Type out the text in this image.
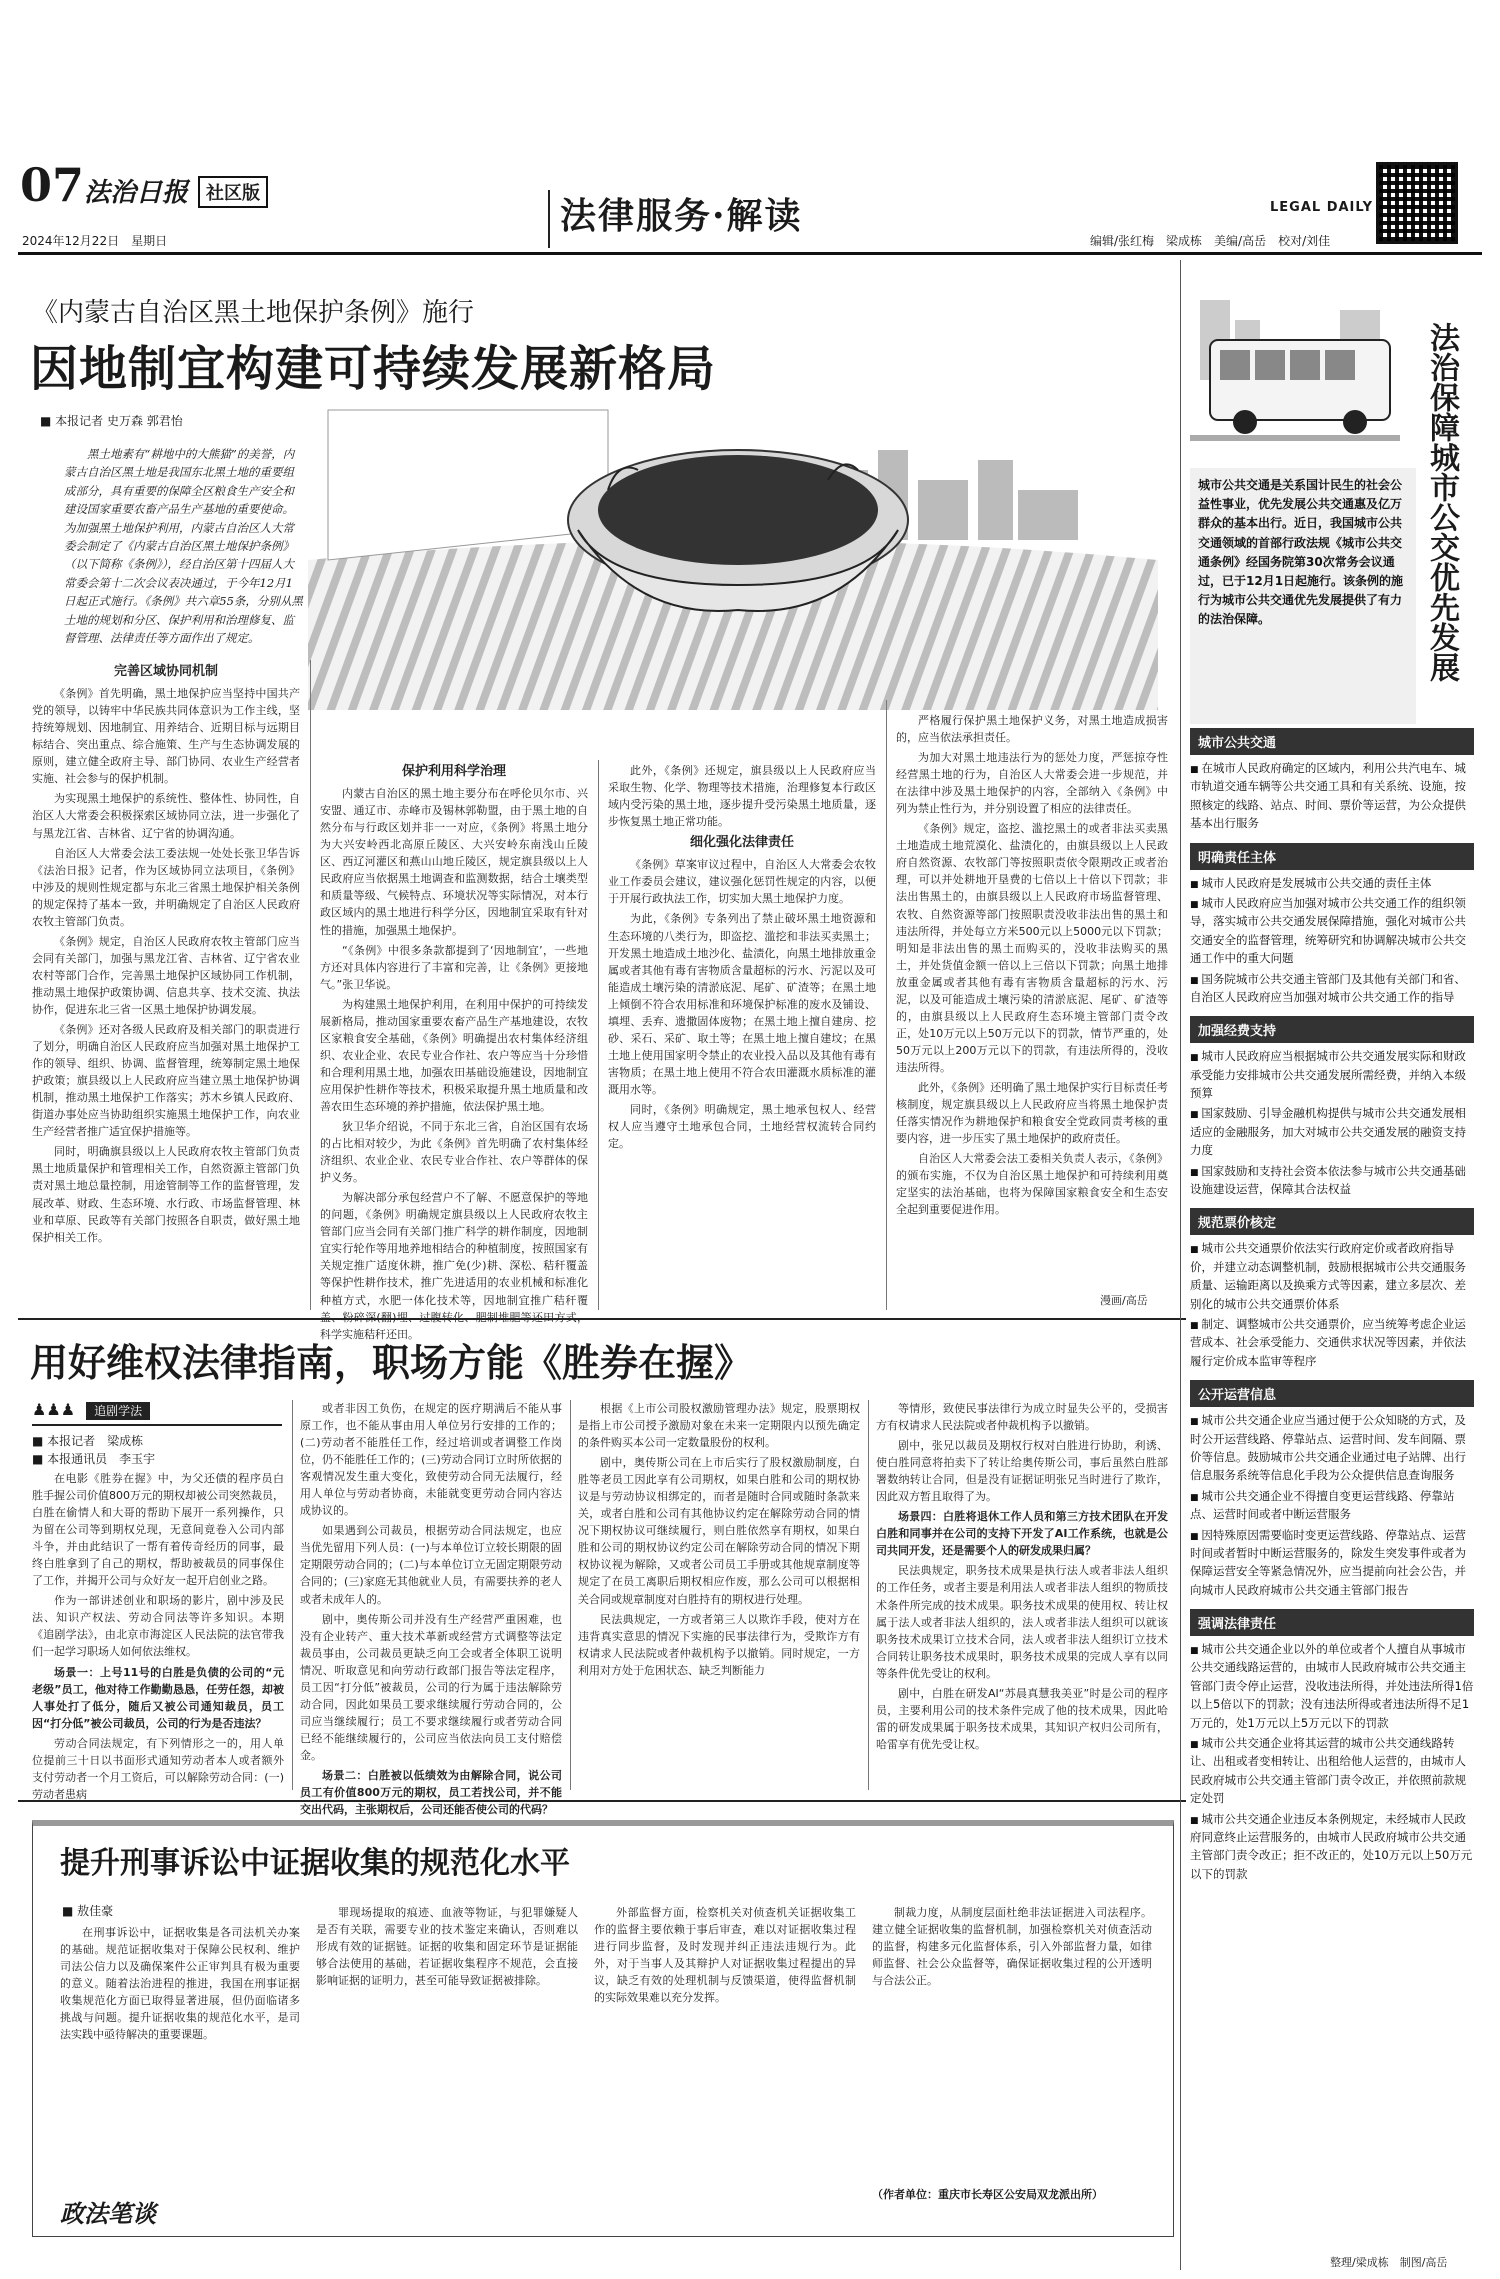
07 法治日报 社区版
2024年12月22日　星期日
法律服务·解读	LEGAL DAILY
编辑/张红梅　梁成栋　美编/高岳　校对/刘佳
《内蒙古自治区黑土地保护条例》施行
因地制宜构建可持续发展新格局
■ 本报记者 史万森 郭君怡
黑土地素有“耕地中的大熊猫”的美誉，内蒙古自治区黑土地是我国东北黑土地的重要组成部分，具有重要的保障全区粮食生产安全和建设国家重要农畜产品生产基地的重要使命。为加强黑土地保护利用，内蒙古自治区人大常委会制定了《内蒙古自治区黑土地保护条例》（以下简称《条例》），经自治区第十四届人大常委会第十二次会议表决通过，于今年12月1日起正式施行。《条例》共六章55条，分别从黑土地的规划和分区、保护利用和治理修复、监督管理、法律责任等方面作出了规定。

完善区域协同机制

《条例》首先明确，黑土地保护应当坚持中国共产党的领导，以铸牢中华民族共同体意识为工作主线，坚持统筹规划、因地制宜、用养结合、近期目标与远期目标结合、突出重点、综合施策、生产与生态协调发展的原则，建立健全政府主导、部门协同、农业生产经营者实施、社会参与的保护机制。

为实现黑土地保护的系统性、整体性、协同性，自治区人大常委会积极探索区域协同立法，进一步强化了与黑龙江省、吉林省、辽宁省的协调沟通。

自治区人大常委会法工委法规一处处长张卫华告诉《法治日报》记者，作为区域协同立法项目，《条例》中涉及的规则性规定都与东北三省黑土地保护相关条例的规定保持了基本一致，并明确规定了自治区人民政府农牧主管部门负责。

《条例》规定，自治区人民政府农牧主管部门应当会同有关部门，加强与黑龙江省、吉林省、辽宁省农业农村等部门合作，完善黑土地保护区域协同工作机制，推动黑土地保护政策协调、信息共享、技术交流、执法协作，促进东北三省一区黑土地保护协调发展。

《条例》还对各级人民政府及相关部门的职责进行了划分，明确自治区人民政府应当加强对黑土地保护工作的领导、组织、协调、监督管理，统筹制定黑土地保护政策；旗县级以上人民政府应当建立黑土地保护协调机制，推动黑土地保护工作落实；苏木乡镇人民政府、街道办事处应当协助组织实施黑土地保护工作，向农业生产经营者推广适宜保护措施等。

同时，明确旗县级以上人民政府农牧主管部门负责黑土地质量保护和管理相关工作，自然资源主管部门负责对黑土地总量控制，用途管制等工作的监督管理，发展改革、财政、生态环境、水行政、市场监督管理、林业和草原、民政等有关部门按照各自职责，做好黑土地保护相关工作。

保护利用科学治理

内蒙古自治区的黑土地主要分布在呼伦贝尔市、兴安盟、通辽市、赤峰市及锡林郭勒盟，由于黑土地的自然分布与行政区划并非一一对应，《条例》将黑土地分为大兴安岭西北高原丘陵区、大兴安岭东南浅山丘陵区、西辽河灌区和燕山山地丘陵区，规定旗县级以上人民政府应当依据黑土地调查和监测数据，结合土壤类型和质量等级、气候特点、环境状况等实际情况，对本行政区域内的黑土地进行科学分区，因地制宜采取有针对性的措施，加强黑土地保护。

“《条例》中很多条款都提到了‘因地制宜’，一些地方还对具体内容进行了丰富和完善，让《条例》更接地气。”张卫华说。

为构建黑土地保护利用，在利用中保护的可持续发展新格局，推动国家重要农畜产品生产基地建设，农牧区家粮食安全基础，《条例》明确提出农村集体经济组织、农业企业、农民专业合作社、农户等应当十分珍惜和合理利用黑土地，加强农田基础设施建设，因地制宜应用保护性耕作等技术，积极采取提升黑土地质量和改善农田生态环境的养护措施，依法保护黑土地。

狄卫华介绍说，不同于东北三省，自治区国有农场的占比相对较少，为此《条例》首先明确了农村集体经济组织、农业企业、农民专业合作社、农户等群体的保护义务。

为解决部分承包经营户不了解、不愿意保护的等地的问题，《条例》明确规定旗县级以上人民政府农牧主管部门应当会同有关部门推广科学的耕作制度，因地制宜实行轮作等用地养地相结合的种植制度，按照国家有关规定推广适度休耕，推广免(少)耕、深松、秸秆覆盖等保护性耕作技术，推广先进适用的农业机械和标准化种植方式，水肥一体化技术等，因地制宜推广秸秆覆盖、粉碎深(翻)埋、过腹转化、肥制堆肥等还田方式，科学实施秸秆还田。

此外，《条例》还规定，旗县级以上人民政府应当采取生物、化学、物理等技术措施，治理修复本行政区域内受污染的黑土地，逐步提升受污染黑土地质量，逐步恢复黑土地正常功能。

细化强化法律责任

《条例》草案审议过程中，自治区人大常委会农牧业工作委员会建议，建议强化惩罚性规定的内容，以便于开展行政执法工作，切实加大黑土地保护力度。

为此，《条例》专条列出了禁止破坏黑土地资源和生态环境的八类行为，即盗挖、滥挖和非法买卖黑土；开发黑土地造成土地沙化、盐渍化，向黑土地排放重金属或者其他有毒有害物质含量超标的污水、污泥以及可能造成土壤污染的清淤底泥、尾矿、矿渣等；在黑土地上倾倒不符合农用标准和环境保护标准的废水及铺设、填埋、丢弃、遗撒固体废物；在黑土地上擅自建房、挖砂、采石、采矿、取土等；在黑土地上擅自建坟；在黑土地上使用国家明令禁止的农业投入品以及其他有毒有害物质；在黑土地上使用不符合农田灌溉水质标准的灌溉用水等。

同时，《条例》明确规定，黑土地承包权人、经营权人应当遵守土地承包合同，土地经营权流转合同约定。

严格履行保护黑土地保护义务，对黑土地造成损害的，应当依法承担责任。

为加大对黑土地违法行为的惩处力度，严惩掠夺性经营黑土地的行为，自治区人大常委会进一步规范，并在法律中涉及黑土地保护的内容，全部纳入《条例》中列为禁止性行为，并分别设置了相应的法律责任。

《条例》规定，盗挖、滥挖黑土的或者非法买卖黑土地造成土地荒漠化、盐渍化的，由旗县级以上人民政府自然资源、农牧部门等按照职责依令限期改正或者治理，可以并处耕地开垦费的七倍以上十倍以下罚款；非法出售黑土的，由旗县级以上人民政府市场监督管理、农牧、自然资源等部门按照职责没收非法出售的黑土和违法所得，并处每立方米500元以上5000元以下罚款；明知是非法出售的黑土而购买的，没收非法购买的黑土，并处货值金额一倍以上三倍以下罚款；向黑土地排放重金属或者其他有毒有害物质含量超标的污水、污泥，以及可能造成土壤污染的清淤底泥、尾矿、矿渣等的，由旗县级以上人民政府生态环境主管部门责令改正，处10万元以上50万元以下的罚款，情节严重的，处50万元以上200万元以下的罚款，有违法所得的，没收违法所得。

此外，《条例》还明确了黑土地保护实行目标责任考核制度，规定旗县级以上人民政府应当将黑土地保护责任落实情况作为耕地保护和粮食安全党政同责考核的重要内容，进一步压实了黑土地保护的政府责任。

自治区人大常委会法工委相关负责人表示，《条例》的颁布实施，不仅为自治区黑土地保护和可持续利用奠定坚实的法治基础，也将为保障国家粮食安全和生态安全起到重要促进作用。

漫画/高岳
用好维权法律指南，职场方能《胜券在握》
♟♟♟ 追剧学法
■ 本报记者　梁成栋
■ 本报通讯员　李玉宇

在电影《胜券在握》中，为父还债的程序员白胜手握公司价值800万元的期权却被公司突然裁员，白胜在偷情人和大哥的帮助下展开一系列操作，只为留在公司等到期权兑现，无意间竟卷入公司内部斗争，并由此结识了一帮有着传奇经历的同事，最终白胜拿到了自己的期权，帮助被裁员的同事保住了工作，并揭开公司与众好友一起开启创业之路。

作为一部讲述创业和职场的影片，剧中涉及民法、知识产权法、劳动合同法等许多知识。本期《追剧学法》，由北京市海淀区人民法院的法官带我们一起学习职场人如何依法维权。

场景一：上号11号的白胜是负债的公司的“元老级”员工，他对待工作勤勤恳恳，任劳任怨，却被人事处打了低分，随后又被公司通知裁员，员工因“打分低”被公司裁员，公司的行为是否违法？

劳动合同法规定，有下列情形之一的，用人单位提前三十日以书面形式通知劳动者本人或者额外支付劳动者一个月工资后，可以解除劳动合同：(一)劳动者患病

或者非因工负伤，在规定的医疗期满后不能从事原工作，也不能从事由用人单位另行安排的工作的；(二)劳动者不能胜任工作，经过培训或者调整工作岗位，仍不能胜任工作的；(三)劳动合同订立时所依据的客观情况发生重大变化，致使劳动合同无法履行，经用人单位与劳动者协商，未能就变更劳动合同内容达成协议的。

如果遇到公司裁员，根据劳动合同法规定，也应当优先留用下列人员：(一)与本单位订立较长期限的固定期限劳动合同的；(二)与本单位订立无固定期限劳动合同的；(三)家庭无其他就业人员，有需要扶养的老人或者未成年人的。

剧中，奥传斯公司并没有生产经营严重困难，也没有企业转产、重大技术革新或经营方式调整等法定裁员事由，公司裁员更缺乏向工会或者全体职工说明情况、听取意见和向劳动行政部门报告等法定程序，员工因“打分低”被裁员，公司的行为属于违法解除劳动合同，因此如果员工要求继续履行劳动合同的，公司应当继续履行；员工不要求继续履行或者劳动合同已经不能继续履行的，公司应当依法向员工支付赔偿金。

场景二：白胜被以低绩效为由解除合同，说公司员工有价值800万元的期权，员工若找公司，并不能交出代码，主张期权后，公司还能否使公司的代码？

根据《上市公司股权激励管理办法》规定，股票期权是指上市公司授予激励对象在未来一定期限内以预先确定的条件购买本公司一定数量股份的权利。

剧中，奥传斯公司在上市后实行了股权激励制度，白胜等老员工因此享有公司期权，如果白胜和公司的期权协议是与劳动协议相绑定的，而者是随时合同或随时条款来关，或者白胜和公司有其他协议约定在解除劳动合同的情况下期权协议可继续履行，则白胜依然享有期权，如果白胜和公司的期权协议约定公司在解除劳动合同的情况下期权协议视为解除，又或者公司员工手册或其他规章制度等规定了在员工离职后期权相应作废，那么公司可以根据相关合同或规章制度对白胜持有的期权进行处理。

民法典规定，一方或者第三人以欺诈手段，使对方在违背真实意思的情况下实施的民事法律行为，受欺诈方有权请求人民法院或者仲裁机构予以撤销。同时规定，一方利用对方处于危困状态、缺乏判断能力

等情形，致使民事法律行为成立时显失公平的，受损害方有权请求人民法院或者仲裁机构予以撤销。

剧中，张兄以裁员及期权行权对白胜进行协助，利诱、使白胜同意将拍卖下了转让给奥传斯公司，事后虽然白胜部署数纳转让合同，但是没有证据证明张兄当时进行了欺诈，因此双方暂且取得了为。

场景四：白胜将退休工作人员和第三方技术团队在开发白胜和同事并在公司的支持下开发了AI工作系统，也就是公司共同开发，还是需要个人的研发成果归属？

民法典规定，职务技术成果是执行法人或者非法人组织的工作任务，或者主要是利用法人或者非法人组织的物质技术条件所完成的技术成果。职务技术成果的使用权、转让权属于法人或者非法人组织的，法人或者非法人组织可以就该职务技术成果订立技术合同，法人或者非法人组织订立技术合同转让职务技术成果时，职务技术成果的完成人享有以同等条件优先受让的权利。

剧中，白胜在研发AI“苏晨真慧我美亚”时是公司的程序员，主要利用公司的技术条件完成了他的技术成果，因此哈雷的研发成果属于职务技术成果，其知识产权归公司所有，哈雷享有优先受让权。

提升刑事诉讼中证据收集的规范化水平
■ 敖佳豪

在刑事诉讼中，证据收集是各司法机关办案的基础。规范证据收集对于保障公民权利、维护司法公信力以及确保案件公正审判具有极为重要的意义。随着法治进程的推进，我国在刑事证据收集规范化方面已取得显著进展，但仍面临诸多挑战与问题。提升证据收集的规范化水平，是司法实践中亟待解决的重要课题。

罪现场提取的痕迹、血液等物证，与犯罪嫌疑人是否有关联，需要专业的技术鉴定来确认，否则难以形成有效的证据链。证据的收集和固定环节是证据能够合法使用的基础，若证据收集程序不规范，会直接影响证据的证明力，甚至可能导致证据被排除。

外部监督方面，检察机关对侦查机关证据收集工作的监督主要依赖于事后审查，难以对证据收集过程进行同步监督，及时发现并纠正违法违规行为。此外，对于当事人及其辩护人对证据收集过程提出的异议，缺乏有效的处理机制与反馈渠道，使得监督机制的实际效果难以充分发挥。

制裁力度，从制度层面杜绝非法证据进入司法程序。建立健全证据收集的监督机制，加强检察机关对侦查活动的监督，构建多元化监督体系，引入外部监督力量，如律师监督、社会公众监督等，确保证据收集过程的公开透明与合法公正。

（作者单位：重庆市长寿区公安局双龙派出所）
政法笔谈
法治保障城市公交优先发展
城市公共交通是关系国计民生的社会公益性事业，优先发展公共交通惠及亿万群众的基本出行。近日，我国城市公共交通领域的首部行政法规《城市公共交通条例》经国务院第30次常务会议通过，已于12月1日起施行。该条例的施行为城市公共交通优先发展提供了有力的法治保障。
城市公共交通
■ 在城市人民政府确定的区域内，利用公共汽电车、城市轨道交通车辆等公共交通工具和有关系统、设施，按照核定的线路、站点、时间、票价等运营，为公众提供基本出行服务
明确责任主体
■ 城市人民政府是发展城市公共交通的责任主体
■ 城市人民政府应当加强对城市公共交通工作的组织领导，落实城市公共交通发展保障措施，强化对城市公共交通安全的监督管理，统筹研究和协调解决城市公共交通工作中的重大问题
■ 国务院城市公共交通主管部门及其他有关部门和省、自治区人民政府应当加强对城市公共交通工作的指导
加强经费支持
■ 城市人民政府应当根据城市公共交通发展实际和财政承受能力安排城市公共交通发展所需经费，并纳入本级预算
■ 国家鼓励、引导金融机构提供与城市公共交通发展相适应的金融服务，加大对城市公共交通发展的融资支持力度
■ 国家鼓励和支持社会资本依法参与城市公共交通基础设施建设运营，保障其合法权益
规范票价核定
■ 城市公共交通票价依法实行政府定价或者政府指导价，并建立动态调整机制，鼓励根据城市公共交通服务质量、运输距离以及换乘方式等因素，建立多层次、差别化的城市公共交通票价体系
■ 制定、调整城市公共交通票价，应当统筹考虑企业运营成本、社会承受能力、交通供求状况等因素，并依法履行定价成本监审等程序
公开运营信息
■ 城市公共交通企业应当通过便于公众知晓的方式，及时公开运营线路、停靠站点、运营时间、发车间隔、票价等信息。鼓励城市公共交通企业通过电子站牌、出行信息服务系统等信息化手段为公众提供信息查询服务
■ 城市公共交通企业不得擅自变更运营线路、停靠站点、运营时间或者中断运营服务
■ 因特殊原因需要临时变更运营线路、停靠站点、运营时间或者暂时中断运营服务的，除发生突发事件或者为保障运营安全等紧急情况外，应当提前向社会公告，并向城市人民政府城市公共交通主管部门报告
强调法律责任
■ 城市公共交通企业以外的单位或者个人擅自从事城市公共交通线路运营的，由城市人民政府城市公共交通主管部门责令停止运营，没收违法所得，并处违法所得1倍以上5倍以下的罚款；没有违法所得或者违法所得不足1万元的，处1万元以上5万元以下的罚款
■ 城市公共交通企业将其运营的城市公共交通线路转让、出租或者变相转让、出租给他人运营的，由城市人民政府城市公共交通主管部门责令改正，并依照前款规定处罚
■ 城市公共交通企业违反本条例规定，未经城市人民政府同意终止运营服务的，由城市人民政府城市公共交通主管部门责令改正；拒不改正的，处10万元以上50万元以下的罚款
整理/梁成栋　制图/高岳
